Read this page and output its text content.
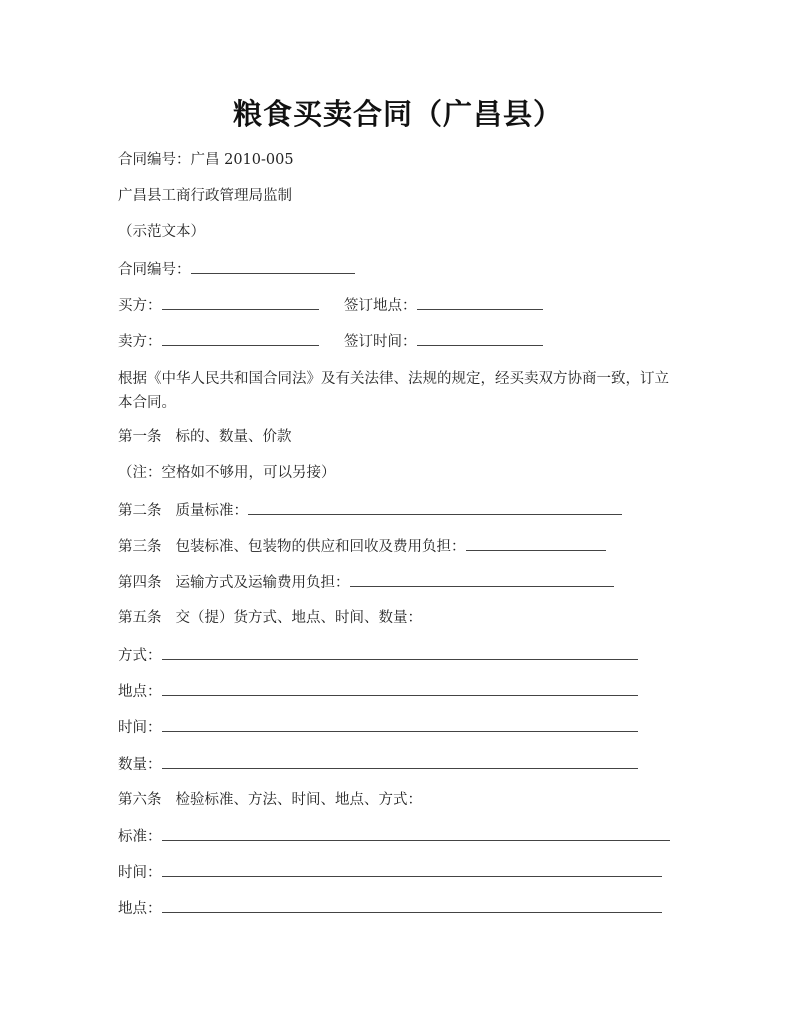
粮食买卖合同（广昌县）
合同编号：广昌 2010-005
广昌县工商行政管理局监制
（示范文本）
合同编号：
买方：	签订地点：
卖方：	签订时间：
根据《中华人民共和国合同法》及有关法律、法规的规定，经买卖双方协商一致，订立本合同。
第一条 标的、数量、价款
（注：空格如不够用，可以另接）
第二条 质量标准：
第三条 包装标准、包装物的供应和回收及费用负担：
第四条 运输方式及运输费用负担：
第五条 交（提）货方式、地点、时间、数量：
方式：
地点：
时间：
数量：
第六条 检验标准、方法、时间、地点、方式：
标准：
时间：
地点：
